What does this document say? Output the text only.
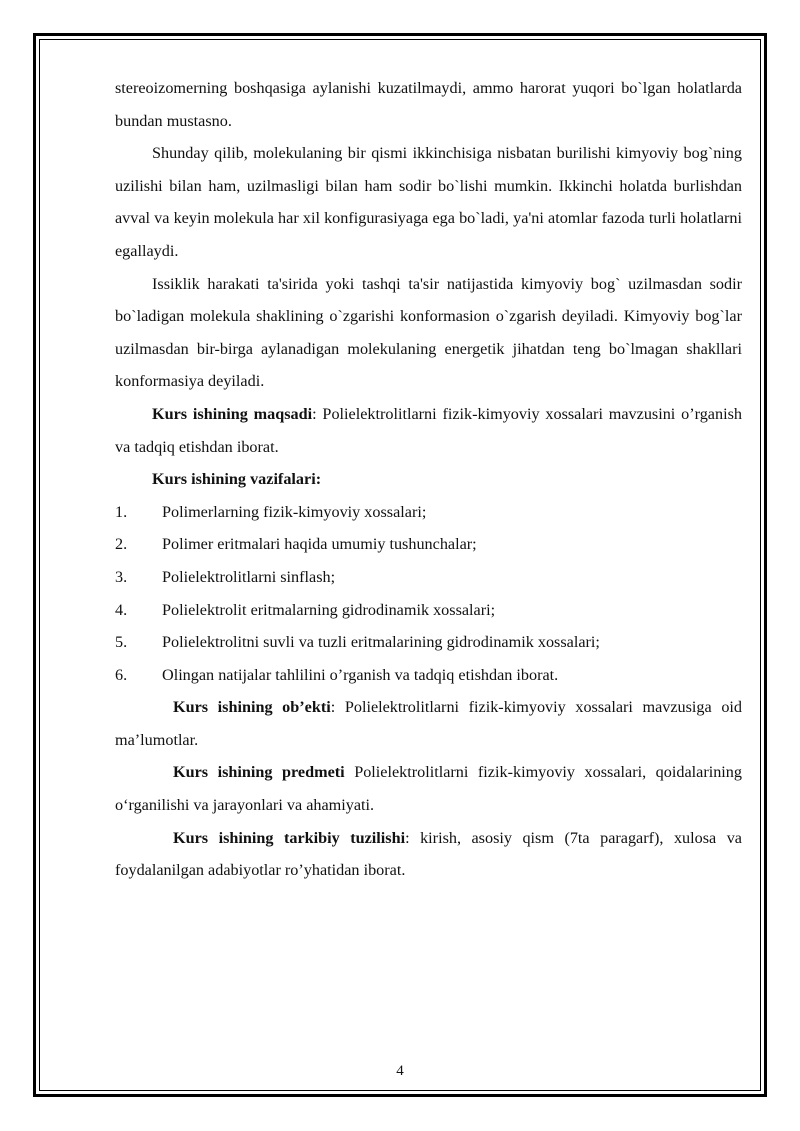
stereoizomerning boshqasiga aylanishi kuzatilmaydi, ammo harorat yuqori bo`lgan holatlarda bundan mustasno.

Shunday qilib, molekulaning bir qismi ikkinchisiga nisbatan burilishi kimyoviy bog`ning uzilishi bilan ham, uzilmasligi bilan ham sodir bo`lishi mumkin. Ikkinchi holatda burlishdan avval va keyin molekula har xil konfigurasiyaga ega bo`ladi, ya'ni atomlar fazoda turli holatlarni egallaydi.

Issiklik harakati ta'sirida yoki tashqi ta'sir natijastida kimyoviy bog` uzilmasdan sodir bo`ladigan molekula shaklining o`zgarishi konformasion o`zgarish deyiladi. Kimyoviy bog`lar uzilmasdan bir-birga aylanadigan molekulaning energetik jihatdan teng bo`lmagan shakllari konformasiya deyiladi.

Kurs ishining maqsadi: Polielektrolitlarni fizik-kimyoviy xossalari mavzusini o’rganish va tadqiq etishdan iborat.

Kurs ishining vazifalari:

1.	Polimerlarning fizik-kimyoviy xossalari;
2.	Polimer eritmalari haqida umumiy tushunchalar;
3.	Polielektrolitlarni sinflash;
4.	Polielektrolit eritmalarning gidrodinamik xossalari;
5.	Polielektrolitni suvli va tuzli eritmalarining gidrodinamik xossalari;
6.	Olingan natijalar tahlilini o’rganish va tadqiq etishdan iborat.

Kurs ishining ob’ekti: Polielektrolitlarni fizik-kimyoviy xossalari mavzusiga oid ma’lumotlar.

Kurs ishining predmeti Polielektrolitlarni fizik-kimyoviy xossalari, qoidalarining o‘rganilishi va jarayonlari va ahamiyati.

Kurs ishining tarkibiy tuzilishi: kirish, asosiy qism (7ta paragarf), xulosa va foydalanilgan adabiyotlar ro’yhatidan iborat.

4
